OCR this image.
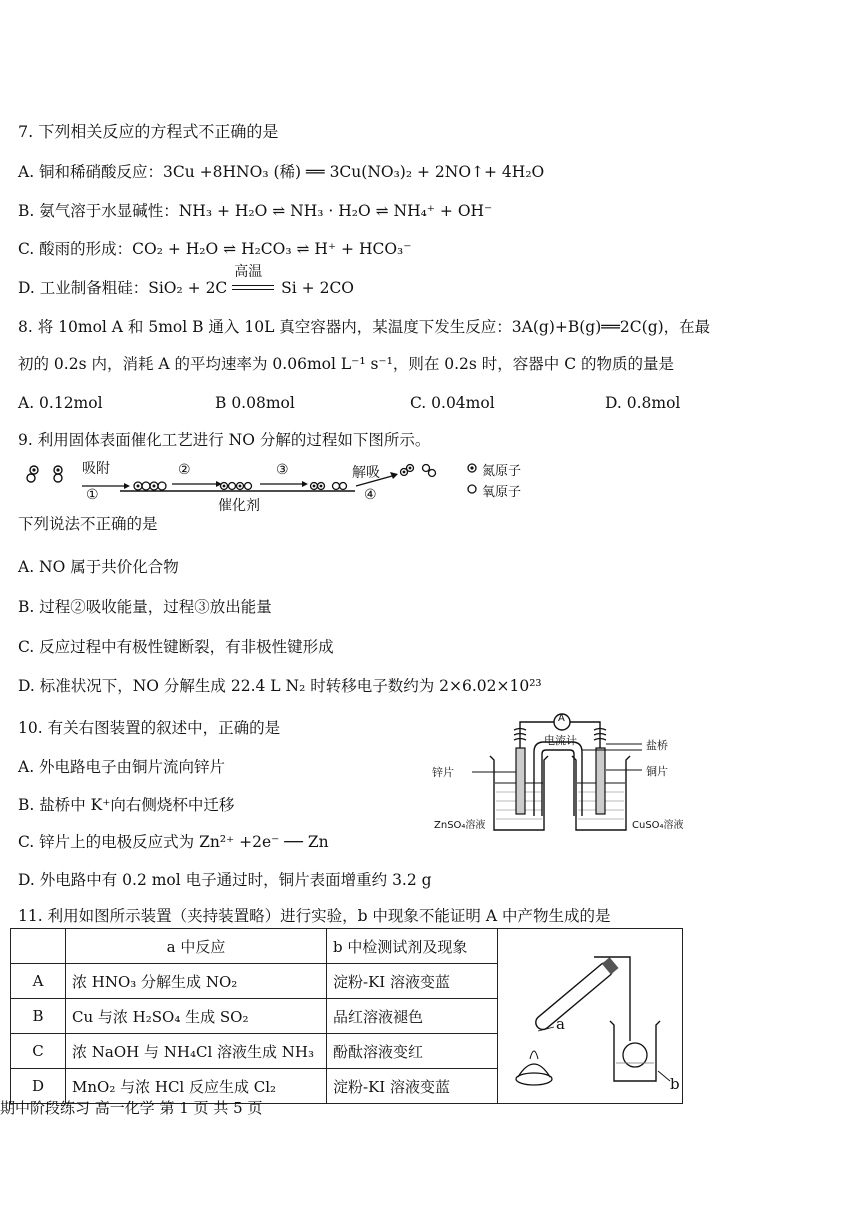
7. 下列相关反应的方程式不正确的是
A. 铜和稀硝酸反应：3Cu +8HNO₃ (稀) ══ 3Cu(NO₃)₂ + 2NO↑+ 4H₂O
B. 氨气溶于水显碱性：NH₃ + H₂O ⇌ NH₃ · H₂O ⇌ NH₄⁺ + OH⁻
C. 酸雨的形成：CO₂ + H₂O ⇌ H₂CO₃ ⇌ H⁺ + HCO₃⁻
D. 工业制备粗硅：SiO₂ + 2C
高温
Si + 2CO
8. 将 10mol A 和 5mol B 通入 10L 真空容器内，某温度下发生反应：3A(g)+B(g)══2C(g)，在最
初的 0.2s 内，消耗 A 的平均速率为 0.06mol L⁻¹ s⁻¹，则在 0.2s 时，容器中 C 的物质的量是
A. 0.12mol	B 0.08mol	C. 0.04mol	D. 0.8mol
9. 利用固体表面催化工艺进行 NO 分解的过程如下图所示。
吸附
①
②	③	解吸
④
催化剂
氮原子
氧原子
下列说法不正确的是
A. NO 属于共价化合物
B. 过程②吸收能量，过程③放出能量
C. 反应过程中有极性键断裂，有非极性键形成
D. 标准状况下，NO 分解生成 22.4 L N₂ 时转移电子数约为 2×6.02×10²³
10. 有关右图装置的叙述中，正确的是
A. 外电路电子由铜片流向锌片
B. 盐桥中 K⁺向右侧烧杯中迁移
C. 锌片上的电极反应式为 Zn²⁺ +2e⁻ ── Zn
D. 外电路中有 0.2 mol 电子通过时，铜片表面增重约 3.2 g
A
电流计	盐桥
锌片	铜片
ZnSO₄溶液	CuSO₄溶液
11. 利用如图所示装置（夹持装置略）进行实验，b 中现象不能证明 A 中产物生成的是
	a 中反应	b 中检测试剂及现象	a
b

A	浓 HNO₃ 分解生成 NO₂	淀粉-KI 溶液变蓝	
B	Cu 与浓 H₂SO₄ 生成 SO₂	品红溶液褪色	
C	浓 NaOH 与 NH₄Cl 溶液生成 NH₃	酚酞溶液变红	
D	MnO₂ 与浓 HCl 反应生成 Cl₂	淀粉-KI 溶液变蓝	
期中阶段练习 高一化学 第 1 页 共 5 页
